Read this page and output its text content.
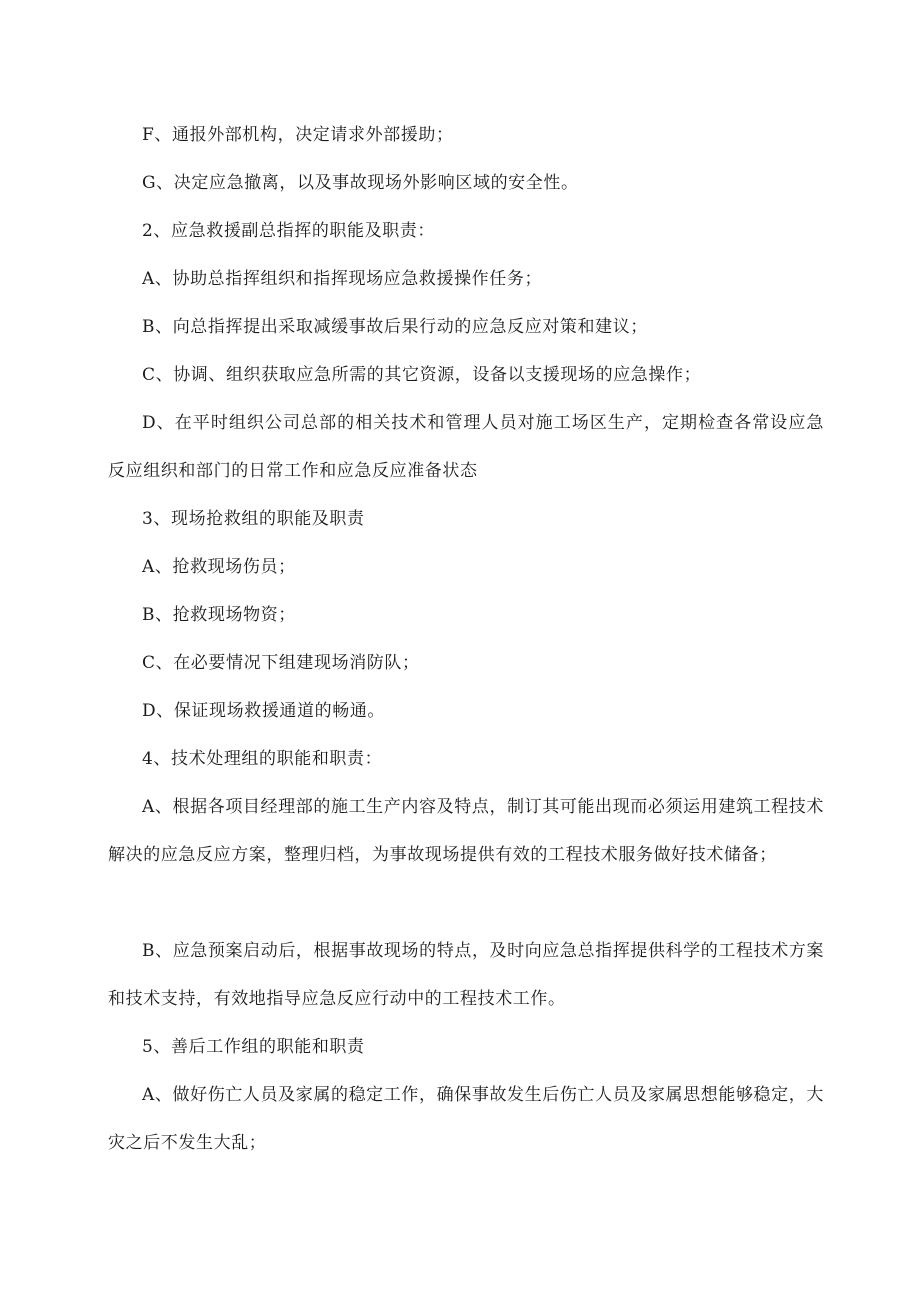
F、通报外部机构，决定请求外部援助；

G、决定应急撤离，以及事故现场外影响区域的安全性。

2、应急救援副总指挥的职能及职责：

A、协助总指挥组织和指挥现场应急救援操作任务；

B、向总指挥提出采取减缓事故后果行动的应急反应对策和建议；

C、协调、组织获取应急所需的其它资源，设备以支援现场的应急操作；

D、在平时组织公司总部的相关技术和管理人员对施工场区生产，定期检查各常设应急反应组织和部门的日常工作和应急反应准备状态

3、现场抢救组的职能及职责

A、抢救现场伤员；

B、抢救现场物资；

C、在必要情况下组建现场消防队；

D、保证现场救援通道的畅通。

4、技术处理组的职能和职责：

A、根据各项目经理部的施工生产内容及特点，制订其可能出现而必须运用建筑工程技术解决的应急反应方案，整理归档，为事故现场提供有效的工程技术服务做好技术储备；

B、应急预案启动后，根据事故现场的特点，及时向应急总指挥提供科学的工程技术方案和技术支持，有效地指导应急反应行动中的工程技术工作。

5、善后工作组的职能和职责

A、做好伤亡人员及家属的稳定工作，确保事故发生后伤亡人员及家属思想能够稳定，大灾之后不发生大乱；
